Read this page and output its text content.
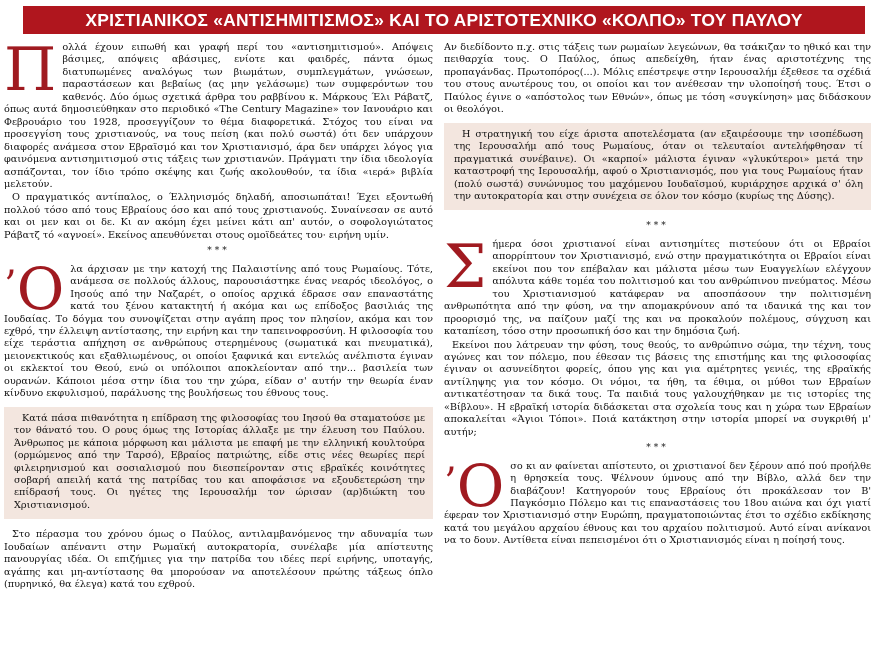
ΧΡΙΣΤΙΑΝΙΚΟΣ «ΑΝΤΙΣΗΜΙΤΙΣΜΟΣ» ΚΑΙ ΤΟ ΑΡΙΣΤΟΤΕΧΝΙΚΟ «ΚΟΛΠΟ» ΤΟΥ ΠΑΥΛΟΥ

Πολλά έχουν ειπωθή και γραφή περί του «αντισημιτισμού». Απόψεις βάσιμες, απόψεις αβάσιμες, ενίοτε και φαιδρές, πάντα όμως διατυπωμένες αναλόγως των βιωμάτων, συμπλεγμάτων, γνώσεων, παραστάσεων και βεβαίως (ας μην γελάσωμε) των συμφερόντων του καθενός. Δύο όμως σχετικά άρθρα του ραββίνου κ. Μάρκους Έλι Ράβατζ, όπως αυτά δημοσιεύθηκαν στο περιοδικό «The Century Magazine» τον Ιανουάριο και Φεβρουάριο του 1928, προσεγγίζουν το θέμα διαφορετικά. Στόχος του είναι να προσεγγίση τους χριστιανούς, να τους πείση (και πολύ σωστά) ότι δεν υπάρχουν διαφορές ανάμεσα στον Εβραϊσμό και τον Χριστιανισμό, άρα δεν υπάρχει λόγος για φαινόμενα αντισημιτισμού στις τάξεις των χριστιανών. Πράγματι την ίδια ιδεολογία ασπάζονται, τον ίδιο τρόπο σκέψης και ζωής ακολουθούν, τα ίδια «ιερά» βιβλία μελετούν.

Ο πραγματικός αντίπαλος, ο Έλληνισμός δηλαδή, αποσιωπάται! Έχει εξοντωθή πολλού τόσο από τους Εβραίους όσο και από τους χριστιανούς. Συναίνεσαν σε αυτό και οι μεν και οι δε. Κι αν ακόμη έχει μείνει κάτι απ' αυτόν, ο σοφολογιώτατος Ράβατζ τό «αγνοεί». Εκείνος απευθύνεται στους ομοϊδεάτες του· ειρήνη υμίν.

***

’Ο λα άρχισαν με την κατοχή της Παλαιστίνης από τους Ρωμαίους. Τότε, ανάμεσα σε πολλούς άλλους, παρουσιάστηκε ένας νεαρός ιδεολόγος, ο Ιησούς από την Ναζαρέτ, ο οποίος αρχικά έδρασε σαν επαναστάτης κατά του ξένου κατακτητή ή ακόμα και ως επίδοξος βασιλιάς της Ιουδαίας. Το δόγμα του συνοψίζεται στην αγάπη προς τον πλησίον, ακόμα και τον εχθρό, την έλλειψη αντίστασης, την ειρήνη και την ταπεινοφροσύνη. Η φιλοσοφία του είχε τεράστια απήχηση σε ανθρώπους στερημένους (σωματικά και πνευματικά), μειονεκτικούς και εξαθλιωμένους, οι οποίοι ξαφνικά και εντελώς ανέλπιστα έγιναν οι εκλεκτοί του Θεού, ενώ οι υπόλοιποι αποκλείονταν από την... βασιλεία των ουρανών. Κάποιοι μέσα στην ίδια του την χώρα, είδαν σ' αυτήν την θεωρία έναν κίνδυνο εκφυλισμού, παράλυσης της βουλήσεως του έθνους τους.

Κατά πάσα πιθανότητα η επίδραση της φιλοσοφίας του Ιησού θα σταματούσε με τον θάνατό του. Ο ρους όμως της Ιστορίας άλλαξε με την έλευση του Παύλου. Άνθρωπος με κάποια μόρφωση και μάλιστα με επαφή με την ελληνική κουλτούρα (ορμώμενος από την Ταρσό), Εβραίος πατριώτης, είδε στις νέες θεωρίες περί φιλειρηνισμού και σοσιαλισμού που διεσπείρονταν στις εβραϊκές κοινότητες σοβαρή απειλή κατά της πατρίδας του και αποφάσισε να εξουδετερώση την επίδρασή τους. Οι ηγέτες της Ιερουσαλήμ τον ώρισαν (αρ)διώκτη του Χριστιανισμού.

Στο πέρασμα του χρόνου όμως ο Παύλος, αντιλαμβανόμενος την αδυναμία των Ιουδαίων απέναντι στην Ρωμαϊκή αυτοκρατορία, συνέλαβε μία απίστευτης πανουργίας ιδέα. Οι επιζήμιες για την πατρίδα του ιδέες περί ειρήνης, υποταγής, αγάπης και μη-αντίστασης θα μπορούσαν να αποτελέσουν πρώτης τάξεως όπλο (πυρηνικό, θα έλεγα) κατά του εχθρού.

Αν διεδίδοντο π.χ. στις τάξεις των ρωμαίων λεγεώνων, θα τσάκιζαν το ηθικό και την πειθαρχία τους. Ο Παύλος, όπως απεδείχθη, ήταν ένας αριστοτέχνης της προπαγάνδας. Πρωτοπόρος(...). Μόλις επέστρεψε στην Ιερουσαλήμ έξεθεσε τα σχέδιά του στους ανωτέρους του, οι οποίοι και τον ανέθεσαν την υλοποίησή τους. Έτσι ο Παύλος έγινε ο «απόστολος των Εθνών», όπως με τόση «συγκίνηση» μας διδάσκουν οι θεολόγοι.

Η στρατηγική του είχε άριστα αποτελέσματα (αν εξαιρέσουμε την ισοπέδωση της Ιερουσαλήμ από τους Ρωμαίους, όταν οι τελευταίοι αντελήφθησαν τί πραγματικά συνέβαινε). Οι «καρποί» μάλιστα έγιναν «γλυκύτεροι» μετά την καταστροφή της Ιερουσαλήμ, αφού ο Χριστιανισμός, που για τους Ρωμαίους ήταν (πολύ σωστά) συνώνυμος του μαχόμενου Ιουδαϊσμού, κυριάρχησε αρχικά σ' όλη την αυτοκρατορία και στην συνέχεια σε όλον τον κόσμο (κυρίως της Δύσης).

***

Σήμερα όσοι χριστιανοί είναι αντισημίτες πιστεύουν ότι οι Εβραίοι απορρίπτουν τον Χριστιανισμό, ενώ στην πραγματικότητα οι Εβραίοι είναι εκείνοι που τον επέβαλαν και μάλιστα μέσω των Ευαγγελίων ελέγχουν απόλυτα κάθε τομέα του πολιτισμού και του ανθρώπινου πνεύματος. Μέσω του Χριστιανισμού κατάφεραν να αποσπάσουν την πολιτισμένη ανθρωπότητα από την φύση, να την απομακρύνουν από τα ιδανικά της και τον προορισμό της, να παίζουν μαζί της και να προκαλούν πολέμους, σύγχυση και καταπίεση, τόσο στην προσωπική όσο και την δημόσια ζωή.

Εκείνοι που λάτρευαν την φύση, τους θεούς, το ανθρώπινο σώμα, την τέχνη, τους αγώνες και τον πόλεμο, που έθεσαν τις βάσεις της επιστήμης και της φιλοσοφίας έγιναν οι ασυνείδητοι φορείς, όπου γης και για αμέτρητες γενιές, της εβραϊκής αντίληψης για τον κόσμο. Οι νόμοι, τα ήθη, τα έθιμα, οι μύθοι των Εβραίων αντικατέστησαν τα δικά τους. Τα παιδιά τους γαλουχήθηκαν με τις ιστορίες της «Βίβλου». Η εβραϊκή ιστορία διδάσκεται στα σχολεία τους και η χώρα των Εβραίων αποκαλείται «Άγιοι Τόποι». Ποιά κατάκτηση στην ιστορία μπορεί να συγκριθή μ' αυτήν;

***

’Ο σο κι αν φαίνεται απίστευτο, οι χριστιανοί δεν ξέρουν από πού προήλθε η θρησκεία τους. Ψέλνουν ύμνους από την Βίβλο, αλλά δεν την διαβάζουν! Κατηγορούν τους Εβραίους ότι προκάλεσαν τον Β' Παγκόσμιο Πόλεμο και τις επαναστάσεις του 18ου αιώνα και όχι γιατί έφεραν τον Χριστιανισμό στην Ευρώπη, πραγματοποιώντας έτσι το σχέδιο εκδίκησης κατά του μεγάλου αρχαίου έθνους και του αρχαίου πολιτισμού. Αυτό είναι ανίκανοι να το δουν. Αντίθετα είναι πεπεισμένοι ότι ο Χριστιανισμός είναι η ποίησή τους.
